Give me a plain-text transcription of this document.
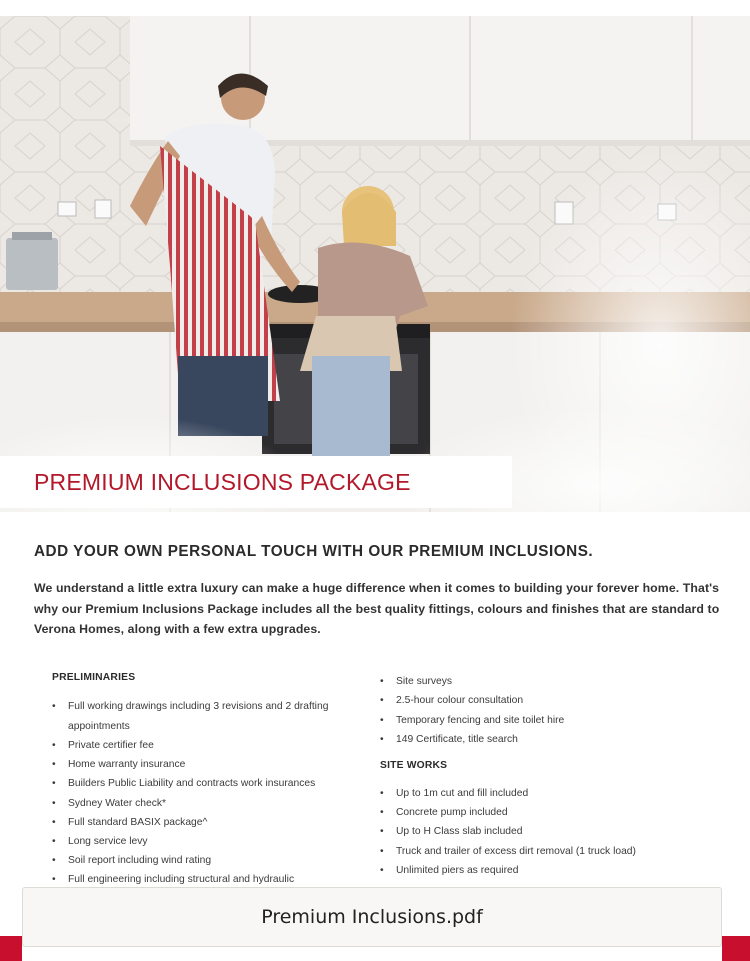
PREMIUM INCLUSIONS PACKAGE
ADD YOUR OWN PERSONAL TOUCH WITH OUR PREMIUM INCLUSIONS.

We understand a little extra luxury can make a huge difference when it comes to building your forever home. That's why our Premium Inclusions Package includes all the best quality fittings, colours and finishes that are standard to Verona Homes, along with a few extra upgrades.

PRELIMINARIES
• Full working drawings including 3 revisions and 2 drafting appointments
• Private certifier fee
• Home warranty insurance
• Builders Public Liability and contracts work insurances
• Sydney Water check*
• Full standard BASIX package^
• Long service levy
• Soil report including wind rating
• Full engineering including structural and hydraulic
• Site surveys
• 2.5-hour colour consultation
• Temporary fencing and site toilet hire
• 149 Certificate, title search
SITE WORKS
• Up to 1m cut and fill included
• Concrete pump included
• Up to H Class slab included
• Truck and trailer of excess dirt removal (1 truck load)
• Unlimited piers as required
Premium Inclusions.pdf
